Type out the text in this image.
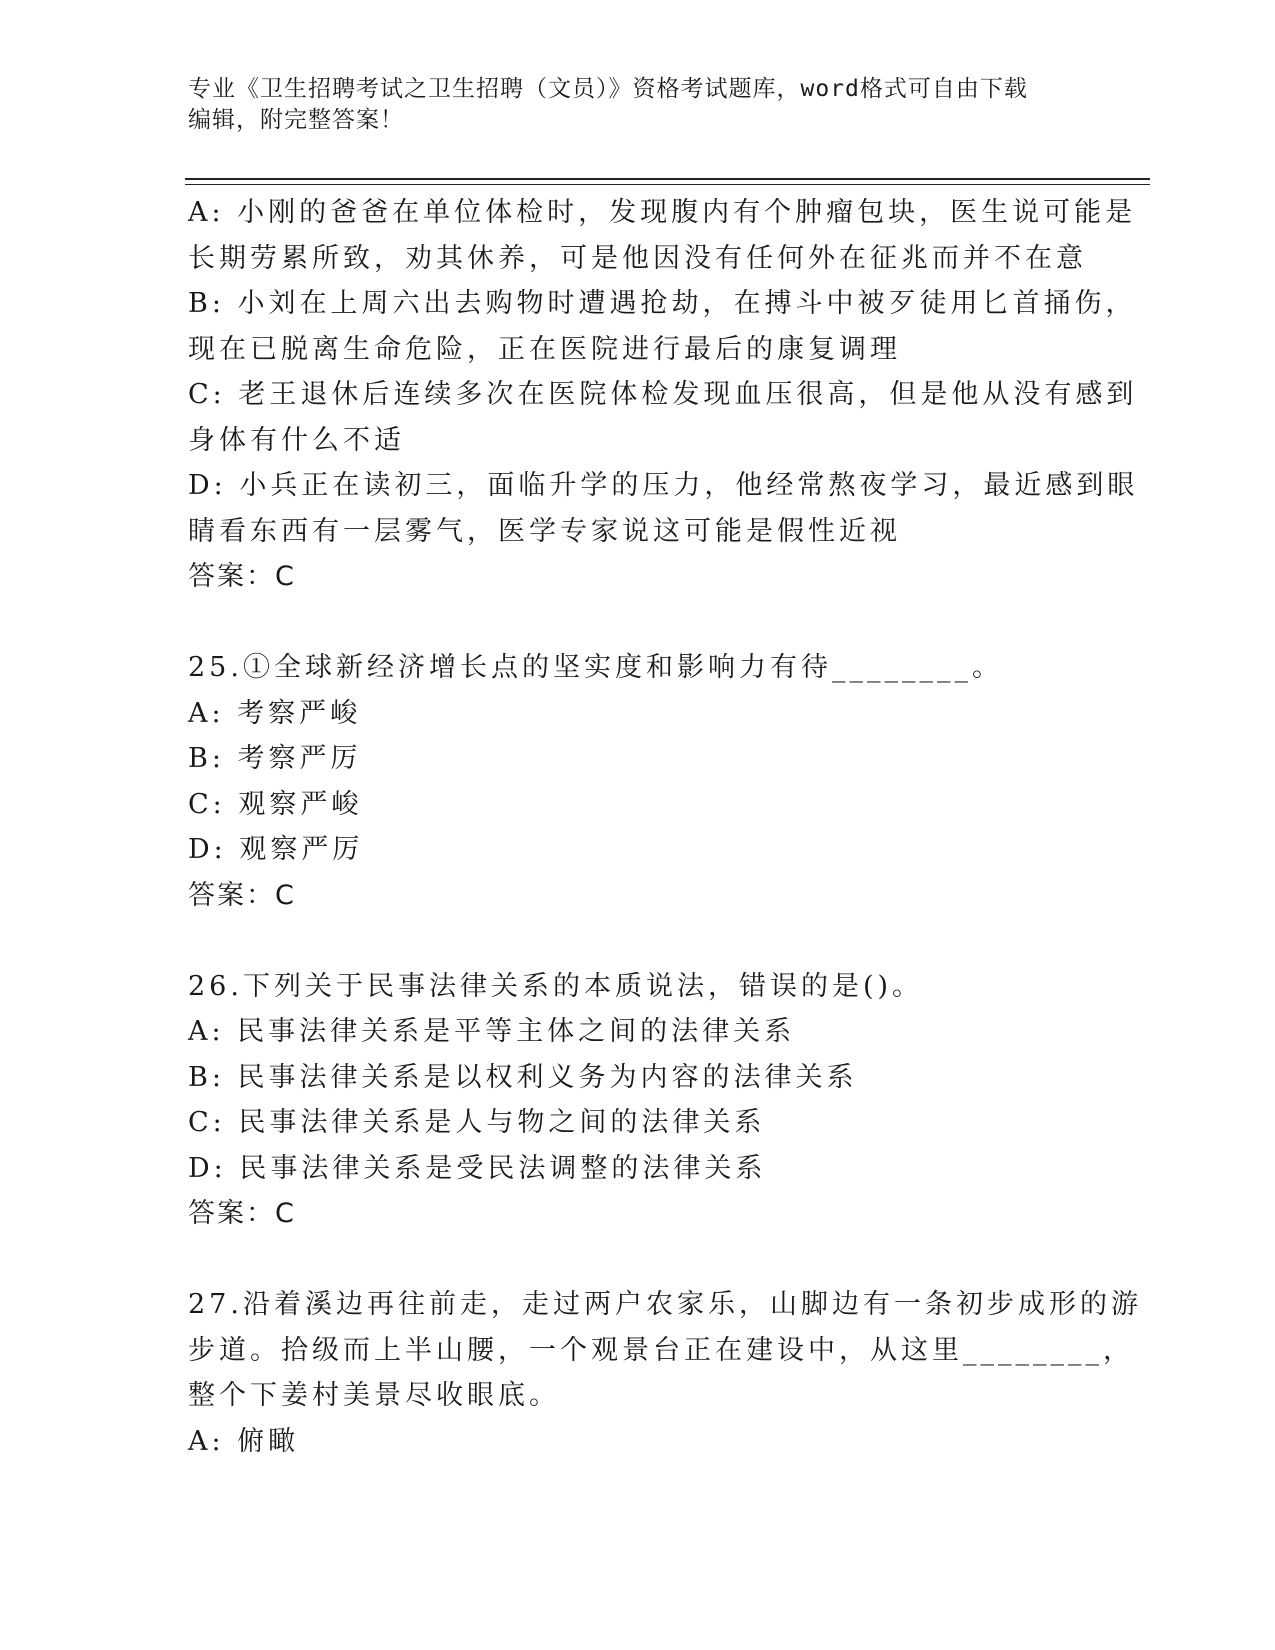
专业《卫生招聘考试之卫生招聘（文员）》资格考试题库，word格式可自由下载
编辑，附完整答案！
A: 小刚的爸爸在单位体检时，发现腹内有个肿瘤包块，医生说可能是
长期劳累所致，劝其休养，可是他因没有任何外在征兆而并不在意
B: 小刘在上周六出去购物时遭遇抢劫，在搏斗中被歹徒用匕首捅伤，
现在已脱离生命危险，正在医院进行最后的康复调理
C: 老王退休后连续多次在医院体检发现血压很高，但是他从没有感到
身体有什么不适
D: 小兵正在读初三，面临升学的压力，他经常熬夜学习，最近感到眼
睛看东西有一层雾气，医学专家说这可能是假性近视
答案：C
25.①全球新经济增长点的坚实度和影响力有待________。
A: 考察严峻
B: 考察严厉
C: 观察严峻
D: 观察严厉
答案：C
26.下列关于民事法律关系的本质说法，错误的是()。
A: 民事法律关系是平等主体之间的法律关系
B: 民事法律关系是以权利义务为内容的法律关系
C: 民事法律关系是人与物之间的法律关系
D: 民事法律关系是受民法调整的法律关系
答案：C
27.沿着溪边再往前走，走过两户农家乐，山脚边有一条初步成形的游
步道。拾级而上半山腰，一个观景台正在建设中，从这里________，
整个下姜村美景尽收眼底。
A: 俯瞰
